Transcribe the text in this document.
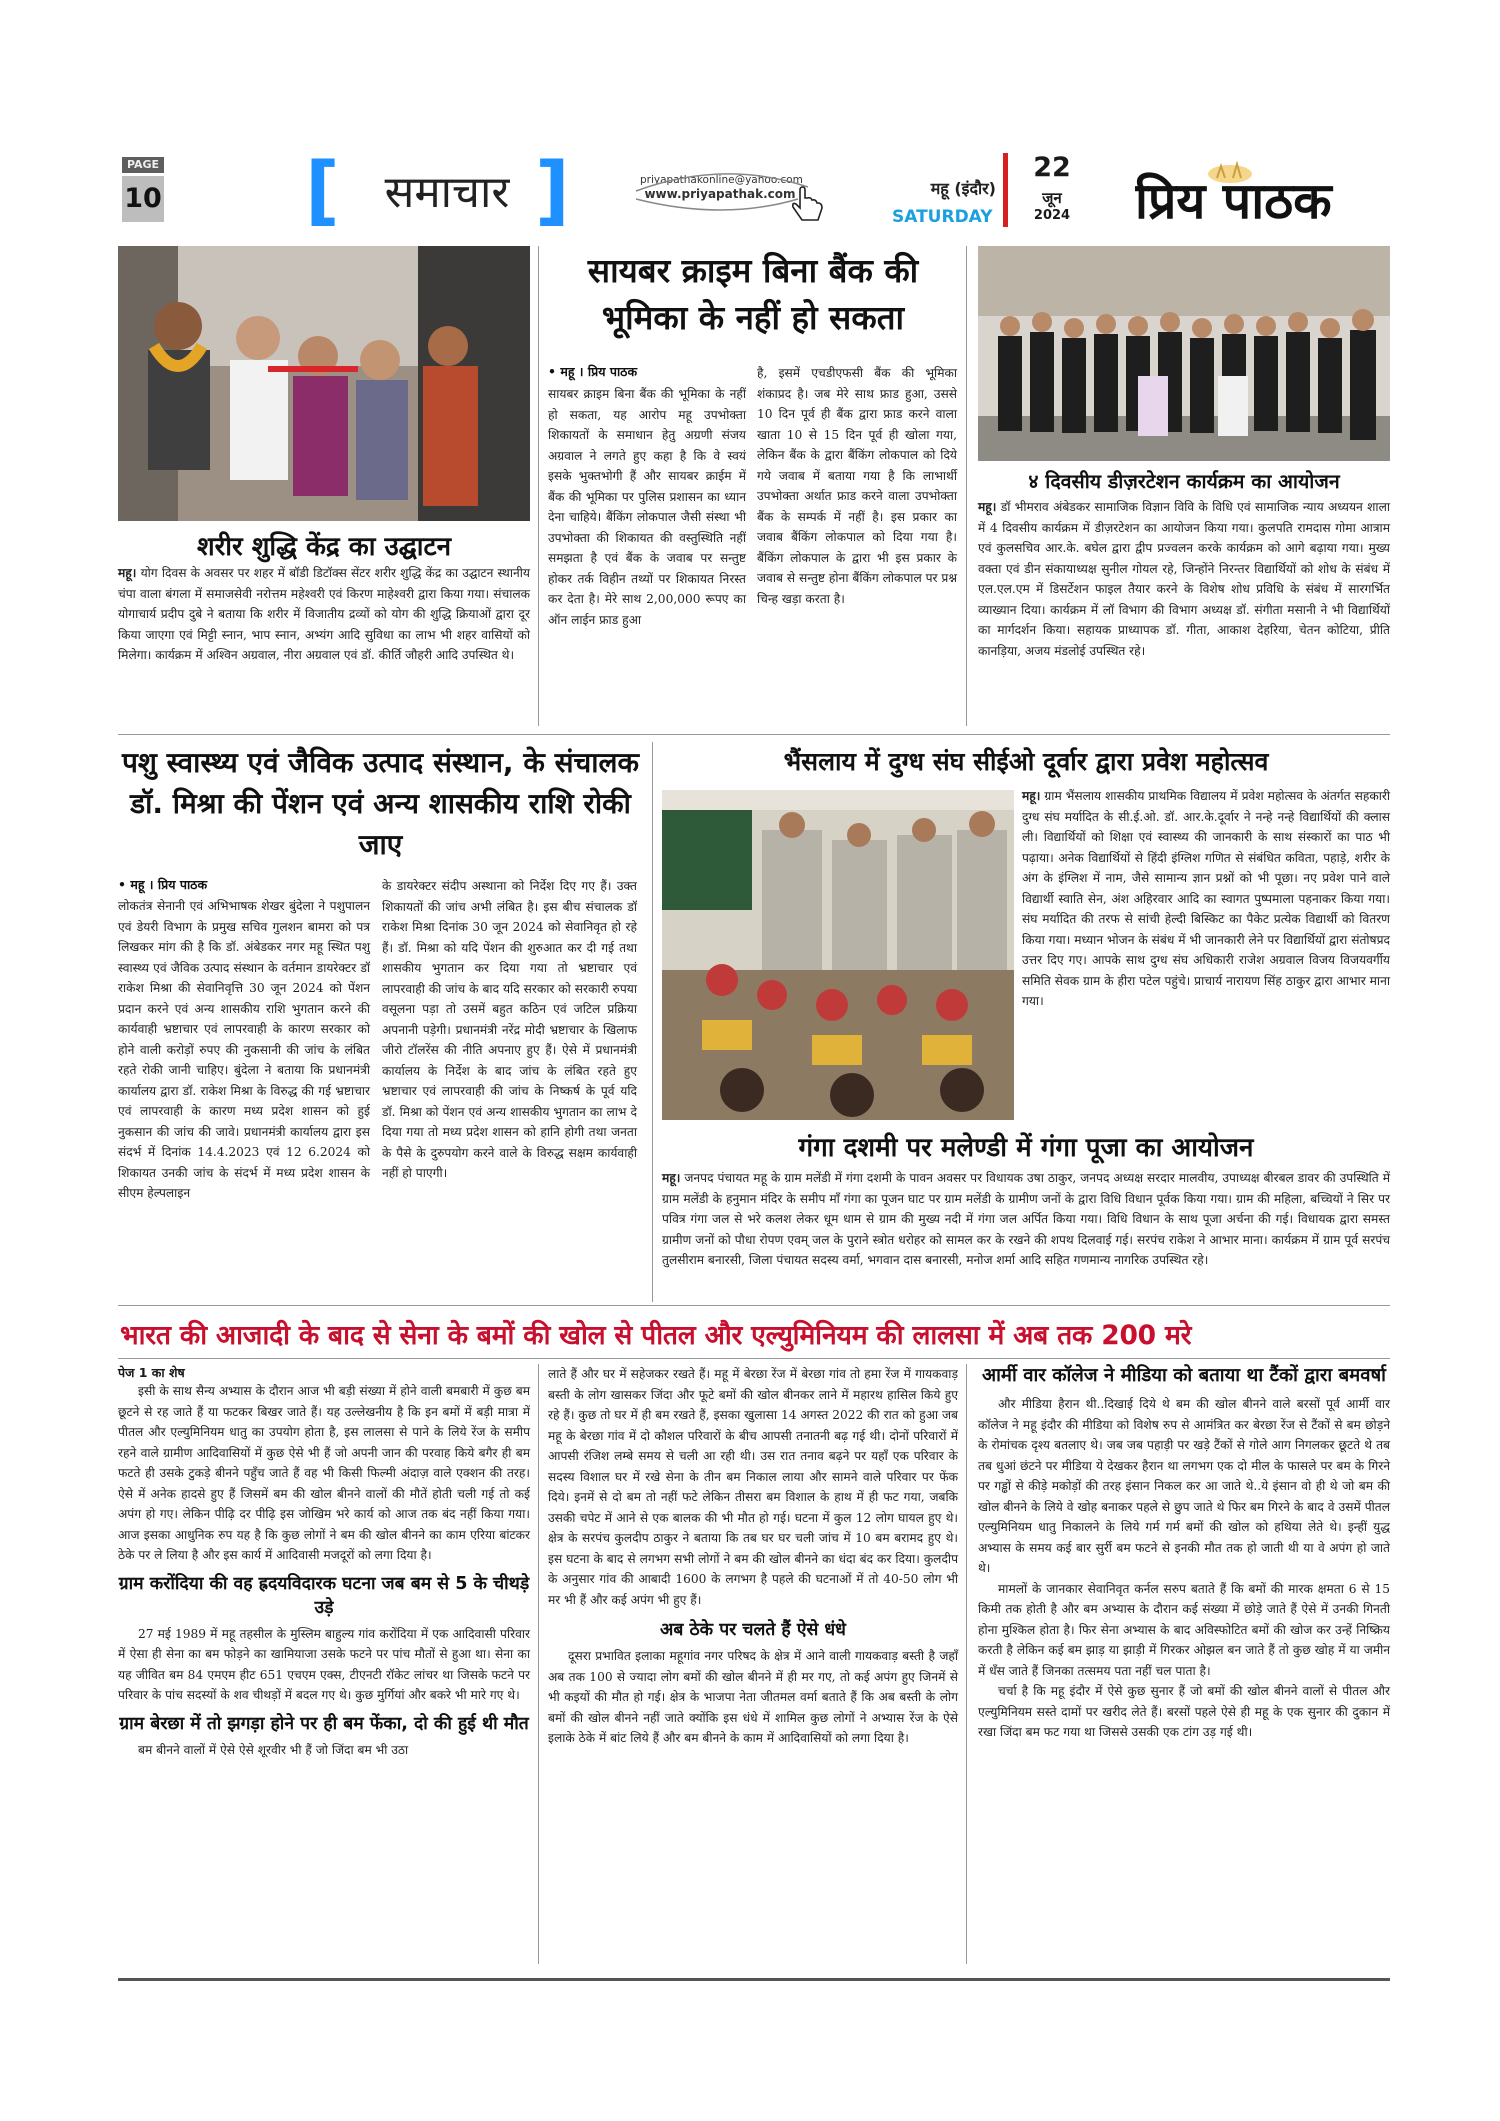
PAGE
10 [	समाचार ]	priyapathakonline@yahoo.com
www.priyapathak.com	महू (इंदौर)
SATURDAY
22
जून
2024 प्रिय पाठक
शरीर शुद्धि केंद्र का उद्घाटन
महू। योग दिवस के अवसर पर शहर में बॉडी डिटॉक्स सेंटर शरीर शुद्धि केंद्र का उद्घाटन स्थानीय चंपा वाला बंगला में समाजसेवी नरोत्तम महेश्वरी एवं किरण माहेश्वरी द्वारा किया गया। संचालक योगाचार्य प्रदीप दुबे ने बताया कि शरीर में विजातीय द्रव्यों को योग की शुद्धि क्रियाओं द्वारा दूर किया जाएगा एवं मिट्टी स्नान, भाप स्नान, अभ्यंग आदि सुविधा का लाभ भी शहर वासियों को मिलेगा। कार्यक्रम में अश्विन अग्रवाल, नीरा अग्रवाल एवं डॉ. कीर्ति जौहरी आदि उपस्थित थे।
सायबर क्राइम बिना बैंक की भूमिका के नहीं हो सकता
• महू । प्रिय पाठक
सायबर क्राइम बिना बैंक की भूमिका के नहीं हो सकता, यह आरोप महू उपभोक्ता शिकायतों के समाधान हेतु अग्रणी संजय अग्रवाल ने लगते हुए कहा है कि वे स्वयं इसके भुक्तभोगी हैं और सायबर क्राईम में बैंक की भूमिका पर पुलिस प्रशासन का ध्यान देना चाहिये। बैंकिंग लोकपाल जैसी संस्था भी उपभोक्ता की शिकायत की वस्तुस्थिति नहीं समझता है एवं बैंक के जवाब पर सन्तुष्ट होकर तर्क विहीन तथ्यों पर शिकायत निरस्त कर देता है। मेरे साथ 2,00,000 रूपए का ऑन लाईन फ्राड हुआ
है, इसमें एचडीएफसी बैंक की भूमिका शंकाप्रद है। जब मेरे साथ फ्राड हुआ, उससे 10 दिन पूर्व ही बैंक द्वारा फ्राड करने वाला खाता 10 से 15 दिन पूर्व ही खोला गया, लेकिन बैंक के द्वारा बैंकिंग लोकपाल को दिये गये जवाब में बताया गया है कि लाभार्थी उपभोक्ता अर्थात फ्राड करने वाला उपभोक्ता बैंक के सम्पर्क में नहीं है। इस प्रकार का जवाब बैंकिंग लोकपाल को दिया गया है। बैंकिंग लोकपाल के द्वारा भी इस प्रकार के जवाब से सन्तुष्ट होना बैंकिंग लोकपाल पर प्रश्न चिन्ह खड़ा करता है।
४ दिवसीय डीज़रटेशन कार्यक्रम का आयोजन
महू। डॉ भीमराव अंबेडकर सामाजिक विज्ञान विवि के विधि एवं सामाजिक न्याय अध्ययन शाला में 4 दिवसीय कार्यक्रम में डीज़रटेशन का आयोजन किया गया। कुलपति रामदास गोमा आत्राम एवं कुलसचिव आर.के. बघेल द्वारा द्वीप प्रज्वलन करके कार्यक्रम को आगे बढ़ाया गया। मुख्य वक्ता एवं डीन संकायाध्यक्ष सुनील गोयल रहे, जिन्होंने निरन्तर विद्यार्थियों को शोध के संबंध में एल.एल.एम में डिसर्टेशन फाइल तैयार करने के विशेष शोध प्रविधि के संबंध में सारगर्भित व्याख्यान दिया। कार्यक्रम में लॉ विभाग की विभाग अध्यक्ष डॉ. संगीता मसानी ने भी विद्यार्थियों का मार्गदर्शन किया। सहायक प्राध्यापक डॉ. गीता, आकाश देहरिया, चेतन कोटिया, प्रीति कानड़िया, अजय मंडलोई उपस्थित रहे।
पशु स्वास्थ्य एवं जैविक उत्पाद संस्थान, के संचालक डॉ. मिश्रा की पेंशन एवं अन्य शासकीय राशि रोकी जाए
• महू । प्रिय पाठक
लोकतंत्र सेनानी एवं अभिभाषक शेखर बुंदेला ने पशुपालन एवं डेयरी विभाग के प्रमुख सचिव गुलशन बामरा को पत्र लिखकर मांग की है कि डॉ. अंबेडकर नगर महू स्थित पशु स्वास्थ्य एवं जैविक उत्पाद संस्थान के वर्तमान डायरेक्टर डॉ राकेश मिश्रा की सेवानिवृत्ति 30 जून 2024 को पेंशन प्रदान करने एवं अन्य शासकीय राशि भुगतान करने की कार्यवाही भ्रष्टाचार एवं लापरवाही के कारण सरकार को होने वाली करोड़ों रुपए की नुकसानी की जांच के लंबित रहते रोकी जानी चाहिए। बुंदेला ने बताया कि प्रधानमंत्री कार्यालय द्वारा डॉ. राकेश मिश्रा के विरुद्ध की गई भ्रष्टाचार एवं लापरवाही के कारण मध्य प्रदेश शासन को हुई नुकसान की जांच की जावे। प्रधानमंत्री कार्यालय द्वारा इस संदर्भ में दिनांक 14.4.2023 एवं 12 6.2024 को शिकायत उनकी जांच के संदर्भ में मध्य प्रदेश शासन के सीएम हेल्पलाइन
के डायरेक्टर संदीप अस्थाना को निर्देश दिए गए हैं। उक्त शिकायतों की जांच अभी लंबित है। इस बीच संचालक डॉ राकेश मिश्रा दिनांक 30 जून 2024 को सेवानिवृत हो रहे हैं। डॉ. मिश्रा को यदि पेंशन की शुरुआत कर दी गई तथा शासकीय भुगतान कर दिया गया तो भ्रष्टाचार एवं लापरवाही की जांच के बाद यदि सरकार को सरकारी रुपया वसूलना पड़ा तो उसमें बहुत कठिन एवं जटिल प्रक्रिया अपनानी पड़ेगी। प्रधानमंत्री नरेंद्र मोदी भ्रष्टाचार के खिलाफ जीरो टॉलरेंस की नीति अपनाए हुए हैं। ऐसे में प्रधानमंत्री कार्यालय के निर्देश के बाद जांच के लंबित रहते हुए भ्रष्टाचार एवं लापरवाही की जांच के निष्कर्ष के पूर्व यदि डॉ. मिश्रा को पेंशन एवं अन्य शासकीय भुगतान का लाभ दे दिया गया तो मध्य प्रदेश शासन को हानि होगी तथा जनता के पैसे के दुरुपयोग करने वाले के विरुद्ध सक्षम कार्यवाही नहीं हो पाएगी।
भैंसलाय में दुग्ध संघ सीईओ दूर्वार द्वारा प्रवेश महोत्सव
महू। ग्राम भैंसलाय शासकीय प्राथमिक विद्यालय में प्रवेश महोत्सव के अंतर्गत सहकारी दुग्ध संघ मर्यादित के सी.ई.ओ. डॉ. आर.के.दूर्वार ने नन्हे नन्हे विद्यार्थियों की क्लास ली। विद्यार्थियों को शिक्षा एवं स्वास्थ्य की जानकारी के साथ संस्कारों का पाठ भी पढ़ाया। अनेक विद्यार्थियों से हिंदी इंग्लिश गणित से संबंधित कविता, पहाड़े, शरीर के अंग के इंग्लिश में नाम, जैसे सामान्य ज्ञान प्रश्नों को भी पूछा। नए प्रवेश पाने वाले विद्यार्थी स्वाति सेन, अंश अहिरवार आदि का स्वागत पुष्पमाला पहनाकर किया गया। संघ मर्यादित की तरफ से सांची हेल्दी बिस्किट का पैकेट प्रत्येक विद्यार्थी को वितरण किया गया। मध्यान भोजन के संबंध में भी जानकारी लेने पर विद्यार्थियों द्वारा संतोषप्रद उत्तर दिए गए। आपके साथ दुग्ध संघ अधिकारी राजेश अग्रवाल विजय विजयवर्गीय समिति सेवक ग्राम के हीरा पटेल पहुंचे। प्राचार्य नारायण सिंह ठाकुर द्वारा आभार माना गया।
गंगा दशमी पर मलेण्डी में गंगा पूजा का आयोजन
महू। जनपद पंचायत महू के ग्राम मलेंडी में गंगा दशमी के पावन अवसर पर विधायक उषा ठाकुर, जनपद अध्यक्ष सरदार मालवीय, उपाध्यक्ष बीरबल डावर की उपस्थिति में ग्राम मलेंडी के हनुमान मंदिर के समीप माँ गंगा का पूजन घाट पर ग्राम मलेंडी के ग्रामीण जनों के द्वारा विधि विधान पूर्वक किया गया। ग्राम की महिला, बच्चियों ने सिर पर पवित्र गंगा जल से भरे कलश लेकर धूम धाम से ग्राम की मुख्य नदी में गंगा जल अर्पित किया गया। विधि विधान के साथ पूजा अर्चना की गई। विधायक द्वारा समस्त ग्रामीण जनों को पौधा रोपण एवम् जल के पुराने स्त्रोत धरोहर को सामल कर के रखने की शपथ दिलवाई गई। सरपंच राकेश ने आभार माना। कार्यक्रम में ग्राम पूर्व सरपंच तुलसीराम बनारसी, जिला पंचायत सदस्य वर्मा, भगवान दास बनारसी, मनोज शर्मा आदि सहित गणमान्य नागरिक उपस्थित रहे।
भारत की आजादी के बाद से सेना के बमों की खोल से पीतल और एल्युमिनियम की लालसा में अब तक 200 मरे
पेज 1 का शेष
इसी के साथ सैन्य अभ्यास के दौरान आज भी बड़ी संख्या में होने वाली बमबारी में कुछ बम छूटने से रह जाते हैं या फटकर बिखर जाते हैं। यह उल्लेखनीय है कि इन बमों में बड़ी मात्रा में पीतल और एल्युमिनियम धातु का उपयोग होता है, इस लालसा से पाने के लिये रेंज के समीप रहने वाले ग्रामीण आदिवासियों में कुछ ऐसे भी हैं जो अपनी जान की परवाह किये बगैर ही बम फटते ही उसके टुकड़े बीनने पहुँच जाते हैं वह भी किसी फिल्मी अंदाज़ वाले एक्शन की तरह। ऐसे में अनेक हादसे हुए हैं जिसमें बम की खोल बीनने वालों की मौतें होती चली गई तो कई अपंग हो गए। लेकिन पीढ़ि दर पीढ़ि इस जोखिम भरे कार्य को आज तक बंद नहीं किया गया। आज इसका आधुनिक रुप यह है कि कुछ लोगों ने बम की खोल बीनने का काम एरिया बांटकर ठेके पर ले लिया है और इस कार्य में आदिवासी मजदूरों को लगा दिया है।
ग्राम करोंदिया की वह ह्रदयविदारक घटना जब बम से 5 के चीथड़े उड़े
27 मई 1989 में महू तहसील के मुस्लिम बाहुल्य गांव करोंदिया में एक आदिवासी परिवार में ऐसा ही सेना का बम फोड़ने का खामियाजा उसके फटने पर पांच मौतों से हुआ था। सेना का यह जीवित बम 84 एमएम हीट 651 एचएम एक्स, टीएनटी रॉकेट लांचर था जिसके फटने पर परिवार के पांच सदस्यों के शव चीथड़ों में बदल गए थे। कुछ मुर्गियां और बकरे भी मारे गए थे।
ग्राम बेरछा में तो झगड़ा होने पर ही बम फेंका, दो की हुई थी मौत
बम बीनने वालों में ऐसे ऐसे शूरवीर भी हैं जो जिंदा बम भी उठा
लाते हैं और घर में सहेजकर रखते हैं। महू में बेरछा रेंज में बेरछा गांव तो हमा रेंज में गायकवाड़ बस्ती के लोग खासकर जिंदा और फूटे बमों की खोल बीनकर लाने में महारथ हासिल किये हुए रहे हैं। कुछ तो घर में ही बम रखते हैं, इसका खुलासा 14 अगस्त 2022 की रात को हुआ जब महू के बेरछा गांव में दो कौशल परिवारों के बीच आपसी तनातनी बढ़ गई थी। दोनों परिवारों में आपसी रंजिश लम्बे समय से चली आ रही थी। उस रात तनाव बढ़ने पर यहाँ एक परिवार के सदस्य विशाल घर में रखे सेना के तीन बम निकाल लाया और सामने वाले परिवार पर फेंक दिये। इनमें से दो बम तो नहीं फटे लेकिन तीसरा बम विशाल के हाथ में ही फट गया, जबकि उसकी चपेट में आने से एक बालक की भी मौत हो गई। घटना में कुल 12 लोग घायल हुए थे। क्षेत्र के सरपंच कुलदीप ठाकुर ने बताया कि तब घर घर चली जांच में 10 बम बरामद हुए थे। इस घटना के बाद से लगभग सभी लोगों ने बम की खोल बीनने का धंदा बंद कर दिया। कुलदीप के अनुसार गांव की आबादी 1600 के लगभग है पहले की घटनाओं में तो 40-50 लोग भी मर भी हैं और कई अपंग भी हुए हैं।
अब ठेके पर चलते हैं ऐसे धंधे
दूसरा प्रभावित इलाका महूगांव नगर परिषद के क्षेत्र में आने वाली गायकवाड़ बस्ती है जहाँ अब तक 100 से ज्यादा लोग बमों की खोल बीनने में ही मर गए, तो कई अपंग हुए जिनमें से भी कइयों की मौत हो गई। क्षेत्र के भाजपा नेता जीतमल वर्मा बताते हैं कि अब बस्ती के लोग बमों की खोल बीनने नहीं जाते क्योंकि इस धंधे में शामिल कुछ लोगों ने अभ्यास रेंज के ऐसे इलाके ठेके में बांट लिये हैं और बम बीनने के काम में आदिवासियों को लगा दिया है।
आर्मी वार कॉलेज ने मीडिया को बताया था टैंकों द्वारा बमवर्षा
और मीडिया हैरान थी..दिखाई दिये थे बम की खोल बीनने वाले बरसों पूर्व आर्मी वार कॉलेज ने महू इंदौर की मीडिया को विशेष रुप से आमंत्रित कर बेरछा रेंज से टैंकों से बम छोड़ने के रोमांचक दृश्य बतलाए थे। जब जब पहाड़ी पर खड़े टैंकों से गोले आग निगलकर छूटते थे तब तब धुआं छंटने पर मीडिया ये देखकर हैरान था लगभग एक दो मील के फासले पर बम के गिरने पर गड्ढों से कीड़े मकोड़ों की तरह इंसान निकल कर आ जाते थे..ये इंसान वो ही थे जो बम की खोल बीनने के लिये वे खोह बनाकर पहले से छुप जाते थे फिर बम गिरने के बाद वे उसमें पीतल एल्युमिनियम धातु निकालने के लिये गर्म गर्म बमों की खोल को हथिया लेते थे। इन्हीं युद्ध अभ्यास के समय कई बार सुर्री बम फटने से इनकी मौत तक हो जाती थी या वे अपंग हो जाते थे।
मामलों के जानकार सेवानिवृत कर्नल सरुप बताते हैं कि बमों की मारक क्षमता 6 से 15 किमी तक होती है और बम अभ्यास के दौरान कई संख्या में छोड़े जाते हैं ऐसे में उनकी गिनती होना मुश्किल होता है। फिर सेना अभ्यास के बाद अविस्फोटित बमों की खोज कर उन्हें निष्क्रिय करती है लेकिन कई बम झाड़ या झाड़ी में गिरकर ओझल बन जाते हैं तो कुछ खोह में या जमीन में धँस जाते हैं जिनका तत्समय पता नहीं चल पाता है।
चर्चा है कि महू इंदौर में ऐसे कुछ सुनार हैं जो बमों की खोल बीनने वालों से पीतल और एल्युमिनियम सस्ते दामों पर खरीद लेते हैं। बरसों पहले ऐसे ही महू के एक सुनार की दुकान में रखा जिंदा बम फट गया था जिससे उसकी एक टांग उड़ गई थी।
